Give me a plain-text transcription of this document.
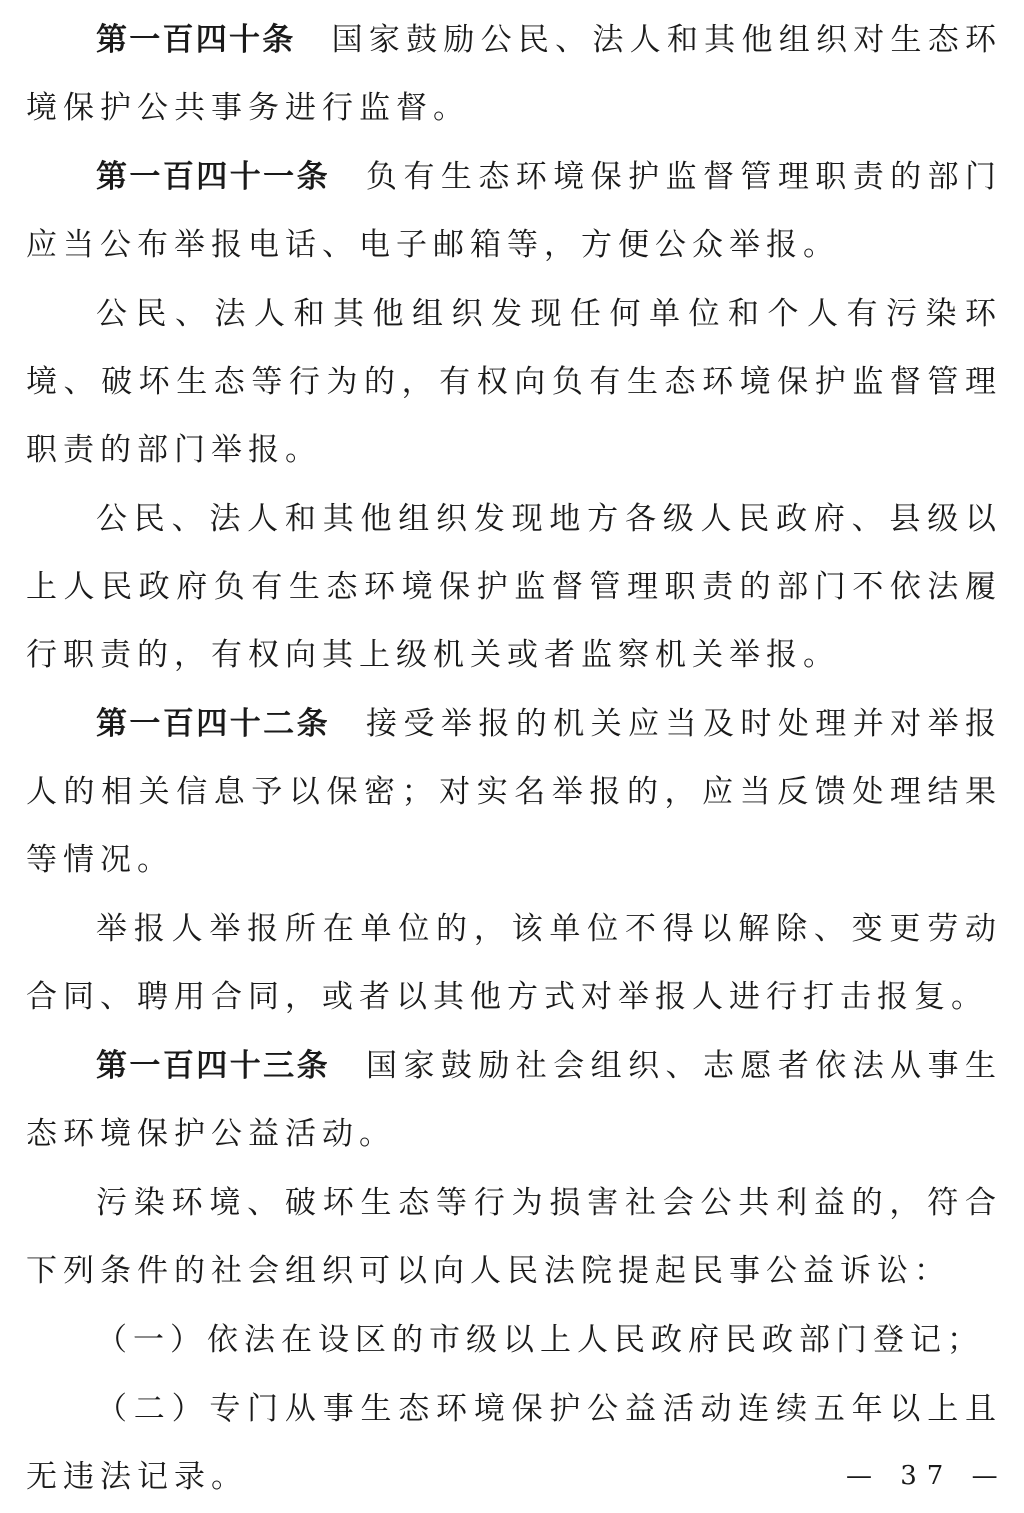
第一百四十条 国家鼓励公民、法人和其他组织对生态环境保护公共事务进行监督。

第一百四十一条 负有生态环境保护监督管理职责的部门应当公布举报电话、电子邮箱等，方便公众举报。

公民、法人和其他组织发现任何单位和个人有污染环境、破坏生态等行为的，有权向负有生态环境保护监督管理职责的部门举报。

公民、法人和其他组织发现地方各级人民政府、县级以上人民政府负有生态环境保护监督管理职责的部门不依法履行职责的，有权向其上级机关或者监察机关举报。

第一百四十二条 接受举报的机关应当及时处理并对举报人的相关信息予以保密；对实名举报的，应当反馈处理结果等情况。

举报人举报所在单位的，该单位不得以解除、变更劳动合同、聘用合同，或者以其他方式对举报人进行打击报复。

第一百四十三条 国家鼓励社会组织、志愿者依法从事生态环境保护公益活动。

污染环境、破坏生态等行为损害社会公共利益的，符合下列条件的社会组织可以向人民法院提起民事公益诉讼：

（一）依法在设区的市级以上人民政府民政部门登记；

（二）专门从事生态环境保护公益活动连续五年以上且无违法记录。	— 37 —
